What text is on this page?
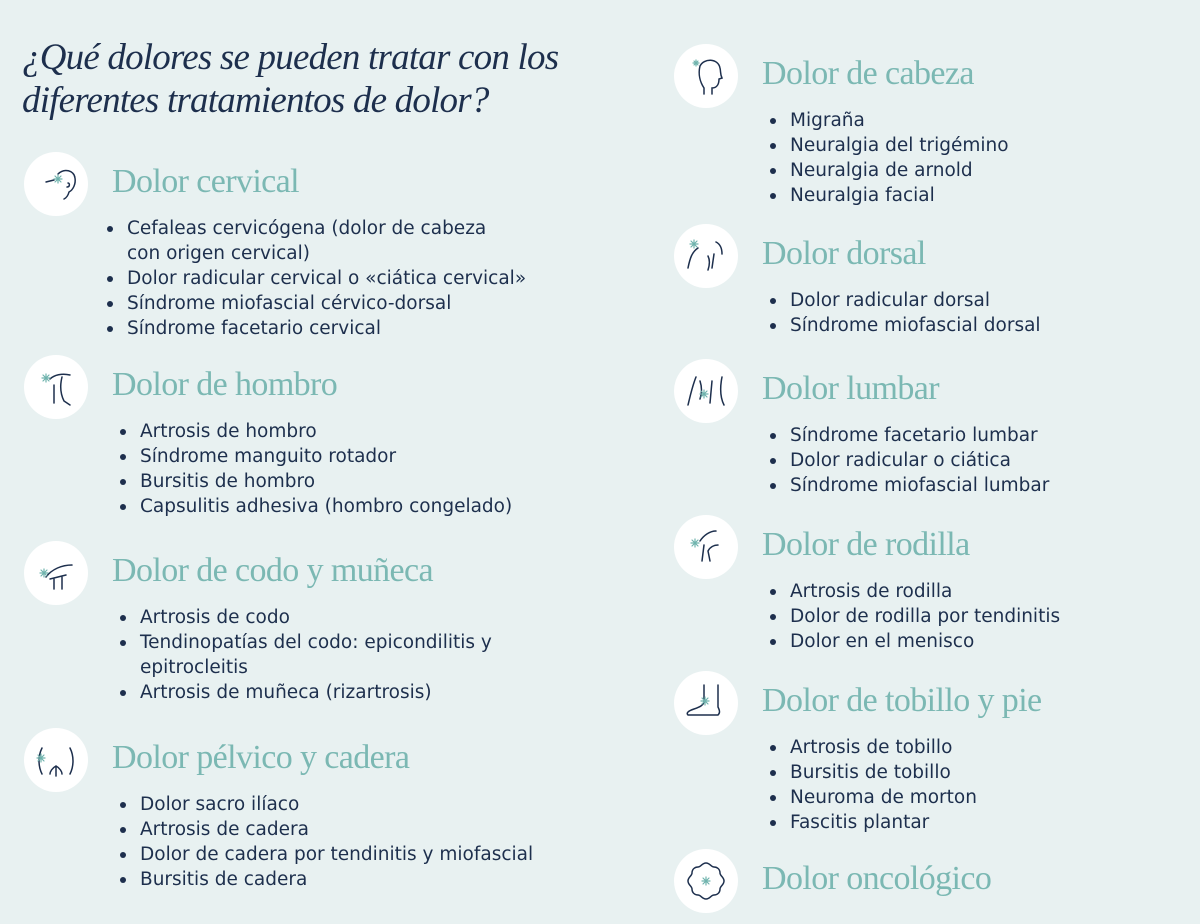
¿Qué dolores se pueden tratar con los
diferentes tratamientos de dolor?
Dolor cervical
Cefaleas cervicógena (dolor de cabeza con origen cervical)
Dolor radicular cervical o «ciática cervical»
Síndrome miofascial cérvico-dorsal
Síndrome facetario cervical
Dolor de hombro
Artrosis de hombro
Síndrome manguito rotador
Bursitis de hombro
Capsulitis adhesiva (hombro congelado)
Dolor de codo y muñeca
Artrosis de codo
Tendinopatías del codo: epicondilitis y epitrocleitis
Artrosis de muñeca (rizartrosis)
Dolor pélvico y cadera
Dolor sacro ilíaco
Artrosis de cadera
Dolor de cadera por tendinitis y miofascial
Bursitis de cadera
Dolor de cabeza
Migraña
Neuralgia del trigémino
Neuralgia de arnold
Neuralgia facial
Dolor dorsal
Dolor radicular dorsal
Síndrome miofascial dorsal
Dolor lumbar
Síndrome facetario lumbar
Dolor radicular o ciática
Síndrome miofascial lumbar
Dolor de rodilla
Artrosis de rodilla
Dolor de rodilla por tendinitis
Dolor en el menisco
Dolor de tobillo y pie
Artrosis de tobillo
Bursitis de tobillo
Neuroma de morton
Fascitis plantar
Dolor oncológico
